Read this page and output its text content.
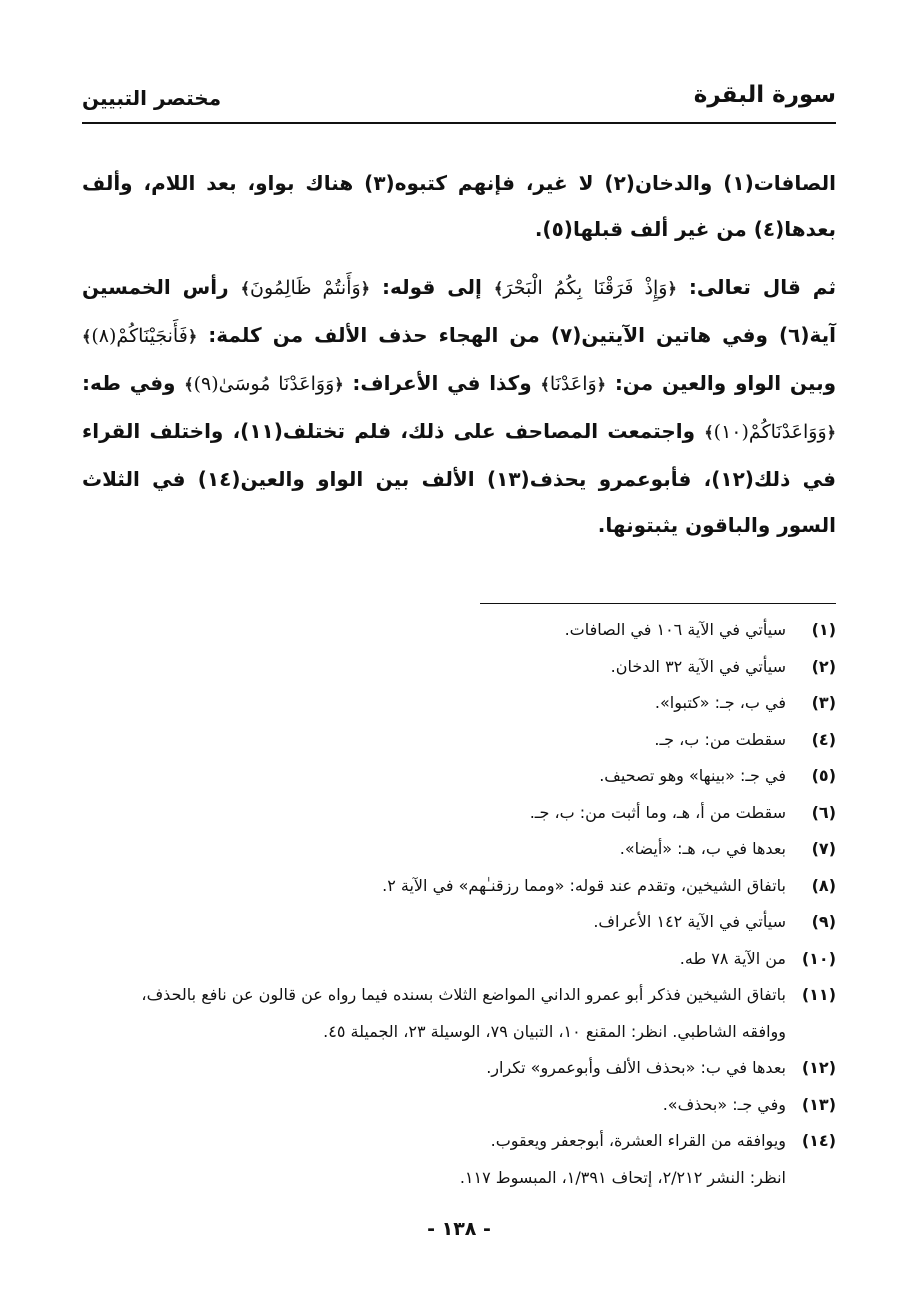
سورة البقرة
مختصر التبيين

الصافات(١) والدخان(٢) لا غير، فإنهم كتبوه(٣) هناك بواو، بعد اللام، وألف بعدها(٤) من غير ألف قبلها(٥).

ثم قال تعالى: ﴿وَإِذْ فَرَقْنَا بِكُمُ الْبَحْرَ﴾ إلى قوله: ﴿وَأَنتُمْ ظَالِمُونَ﴾ رأس الخمسين آية(٦) وفي هاتين الآيتين(٧) من الهجاء حذف الألف من كلمة: ﴿فَأَنجَيْنَاكُمْ(٨)﴾ وبين الواو والعين من: ﴿وَاعَدْنَا﴾ وكذا في الأعراف: ﴿وَوَاعَدْنَا مُوسَىٰ(٩)﴾ وفي طه: ﴿وَوَاعَدْنَاكُمْ(١٠)﴾ واجتمعت المصاحف على ذلك، فلم تختلف(١١)، واختلف القراء في ذلك(١٢)، فأبوعمرو يحذف(١٣) الألف بين الواو والعين(١٤) في الثلاث السور والباقون يثبتونها.

(١)
سيأتي في الآية ١٠٦ في الصافات.
(٢)
سيأتي في الآية ٣٢ الدخان.
(٣)
في ب، جـ: «كتبوا».
(٤)
سقطت من: ب، جـ.
(٥)
في جـ: «بينها» وهو تصحيف.
(٦)
سقطت من أ، هـ، وما أثبت من: ب، جـ.
(٧)
بعدها في ب، هـ: «أيضا».
(٨)
باتفاق الشيخين، وتقدم عند قوله: «ومما رزقنـٰهم» في الآية ٢.
(٩)
سيأتي في الآية ١٤٢ الأعراف.
(١٠)
من الآية ٧٨ طه.
(١١)
باتفاق الشيخين فذكر أبو عمرو الداني المواضع الثلاث بسنده فيما رواه عن قالون عن نافع بالحذف،
ووافقه الشاطبي. انظر: المقنع ١٠، التبيان ٧٩، الوسيلة ٢٣، الجميلة ٤٥.
(١٢)
بعدها في ب: «بحذف الألف وأبوعمرو» تكرار.
(١٣)
وفي جـ: «بحذف».
(١٤)
ويوافقه من القراء العشرة، أبوجعفر ويعقوب.
انظر: النشر ٢/٢١٢، إتحاف ١/٣٩١، المبسوط ١١٧.
- ١٣٨ -
